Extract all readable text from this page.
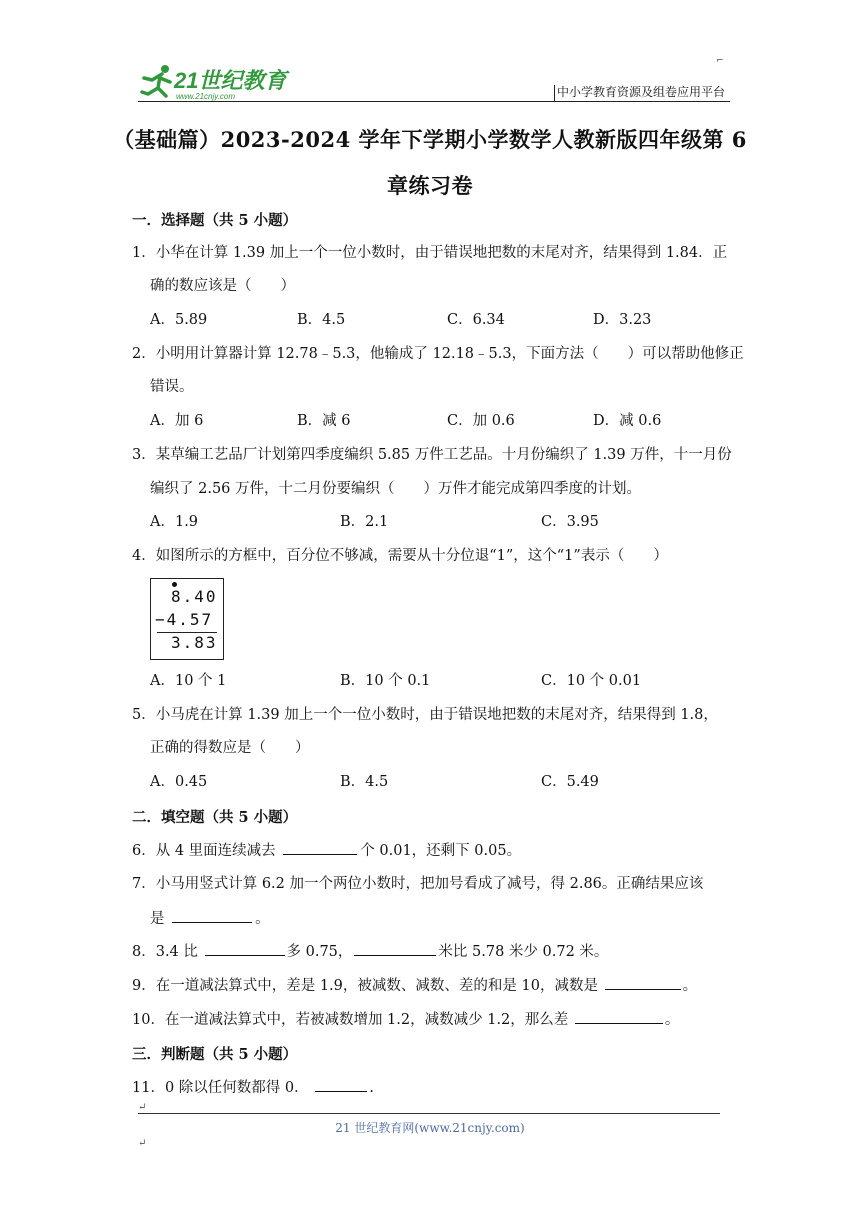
21世纪教育
www.21cnjy.com
⌐
中小学教育资源及组卷应用平台
（基础篇）2023-2024 学年下学期小学数学人教新版四年级第 6
章练习卷
一．选择题（共 5 小题）
1．小华在计算 1.39 加上一个一位小数时，由于错误地把数的末尾对齐，结果得到 1.84．正
确的数应该是（　　）
A．5.89	B．4.5	C．6.34	D．3.23
2．小明用计算器计算 12.78﹣5.3，他输成了 12.18﹣5.3，下面方法（　　）可以帮助他修正
错误。
A．加 6	B．减 6	C．加 0.6	D．减 0.6
3．某草编工艺品厂计划第四季度编织 5.85 万件工艺品。十月份编织了 1.39 万件，十一月份
编织了 2.56 万件，十二月份要编织（　　）万件才能完成第四季度的计划。
A．1.9	B．2.1	C．3.95
4．如图所示的方框中，百分位不够减，需要从十分位退“1”，这个“1”表示（　　）
8.40
−4.57
3.83
A．10 个 1	B．10 个 0.1	C．10 个 0.01
5．小马虎在计算 1.39 加上一个一位小数时，由于错误地把数的末尾对齐，结果得到 1.8，
正确的得数应是（　　）
A．0.45	B．4.5	C．5.49
二．填空题（共 5 小题）
6．从 4 里面连续减去	个 0.01，还剩下 0.05。
7．小马用竖式计算 6.2 加一个两位小数时，把加号看成了减号，得 2.86。正确结果应该
是	。
8．3.4 比	多 0.75，	米比 5.78 米少 0.72 米。
9．在一道减法算式中，差是 1.9，被减数、减数、差的和是 10，减数是	。
10．在一道减法算式中，若被减数增加 1.2，减数减少 1.2，那么差	。
三．判断题（共 5 小题）
11．0 除以任何数都得 0．	.
↵
21 世纪教育网(www.21cnjy.com)
↵
